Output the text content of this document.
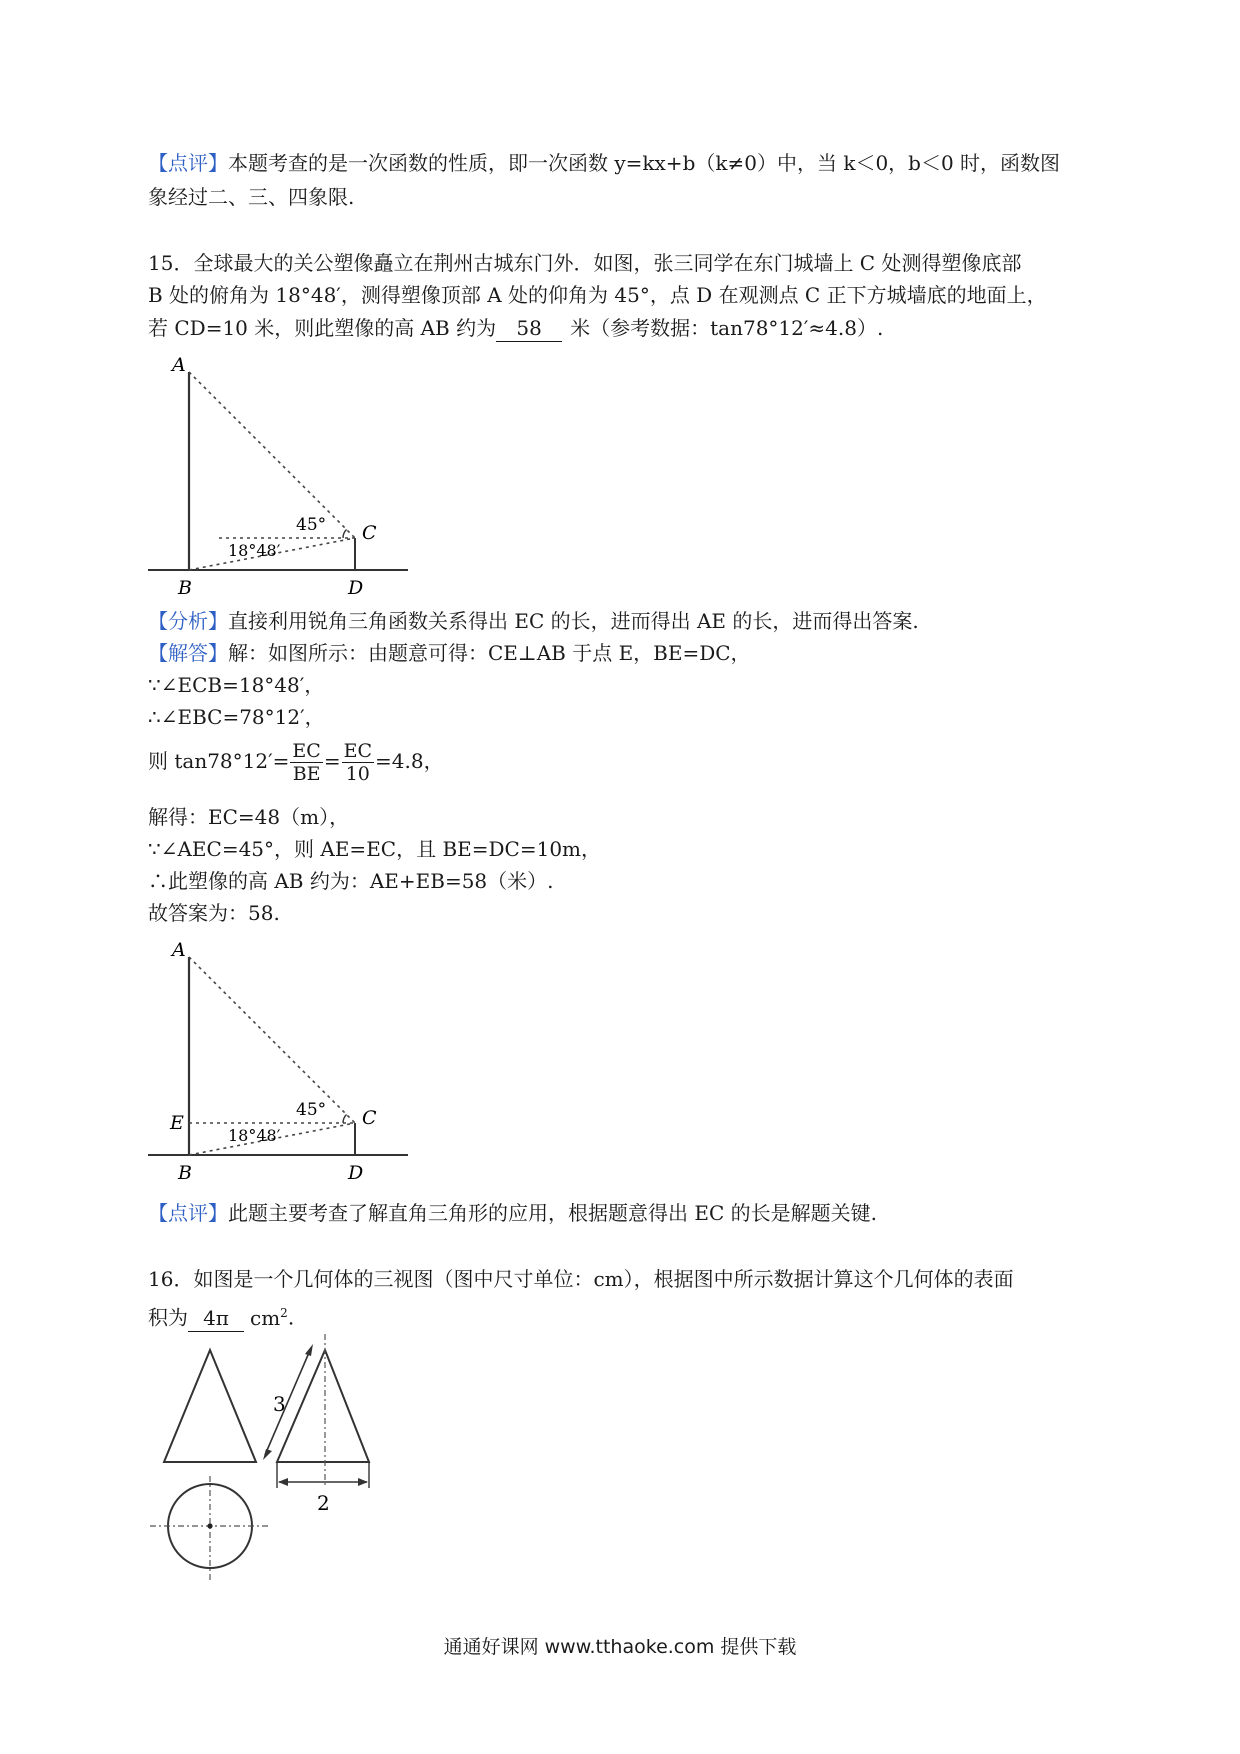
【点评】本题考查的是一次函数的性质，即一次函数 y=kx+b（k≠0）中，当 k＜0，b＜0 时，函数图
象经过二、三、四象限.
15．全球最大的关公塑像矗立在荆州古城东门外．如图，张三同学在东门城墙上 C 处测得塑像底部
B 处的俯角为 18°48′，测得塑像顶部 A 处的仰角为 45°，点 D 在观测点 C 正下方城墙底的地面上，
若 CD=10 米，则此塑像的高 AB 约为 58 米（参考数据：tan78°12′≈4.8）.
A
B
C
D
45°
18°48′
【分析】直接利用锐角三角函数关系得出 EC 的长，进而得出 AE 的长，进而得出答案.
【解答】解：如图所示：由题意可得：CE⊥AB 于点 E，BE=DC，
∵∠ECB=18°48′，
∴∠EBC=78°12′，
则 $\tan 78^\circ 12'= \frac{EC}{BE} = \frac{EC}{10} =4.8$，
解得：EC=48（m），
∵∠AEC=45°，则 AE=EC，且 BE=DC=10m，
∴此塑像的高 AB 约为：AE+EB=58（米）.
故答案为：58.
A
E
B
C
D
45°
18°48′
【点评】此题主要考查了解直角三角形的应用，根据题意得出 EC 的长是解题关键.
16．如图是一个几何体的三视图（图中尺寸单位：cm），根据图中所示数据计算这个几何体的表面
积为 4π $cm^2$.
3
2
通通好课网 www.tthaoke.com 提供下载
